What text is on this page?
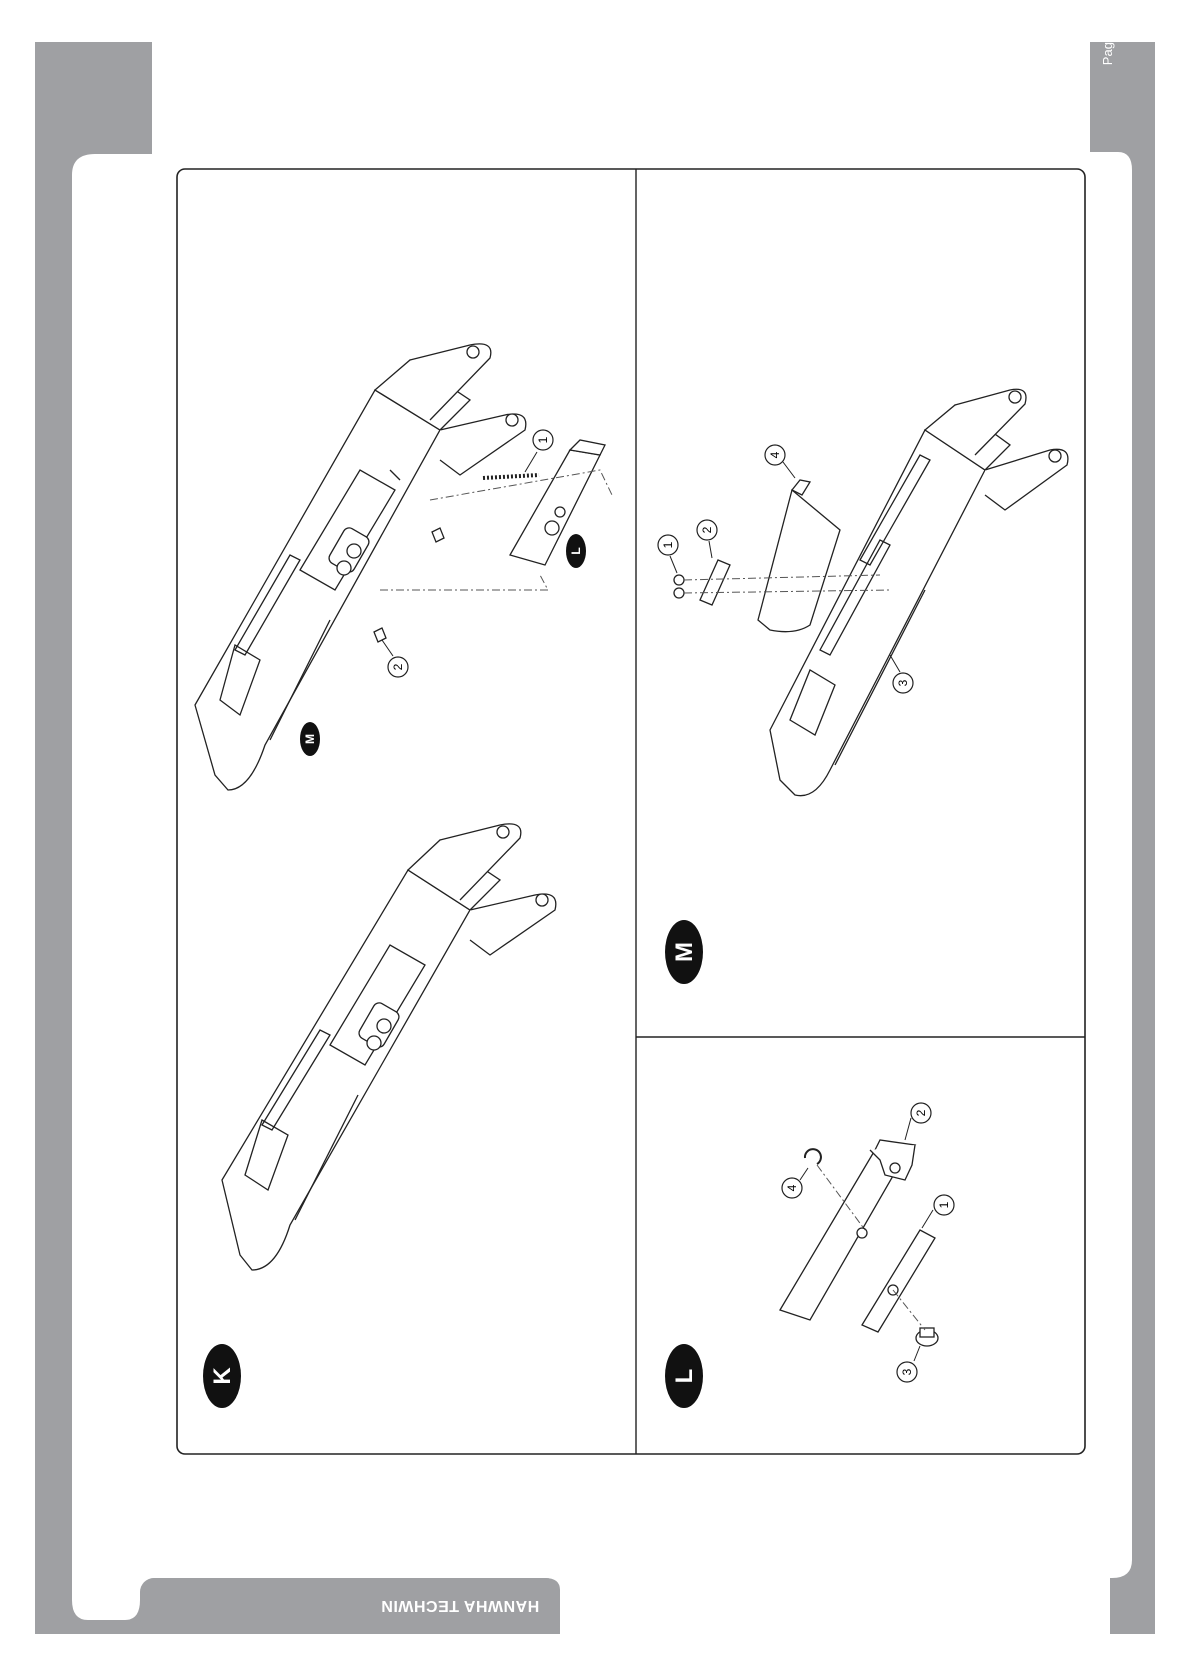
1
2
L
M
K
1
2
3
4
M
1
2
3
4
L
Page
HANWHA TECHWIN
